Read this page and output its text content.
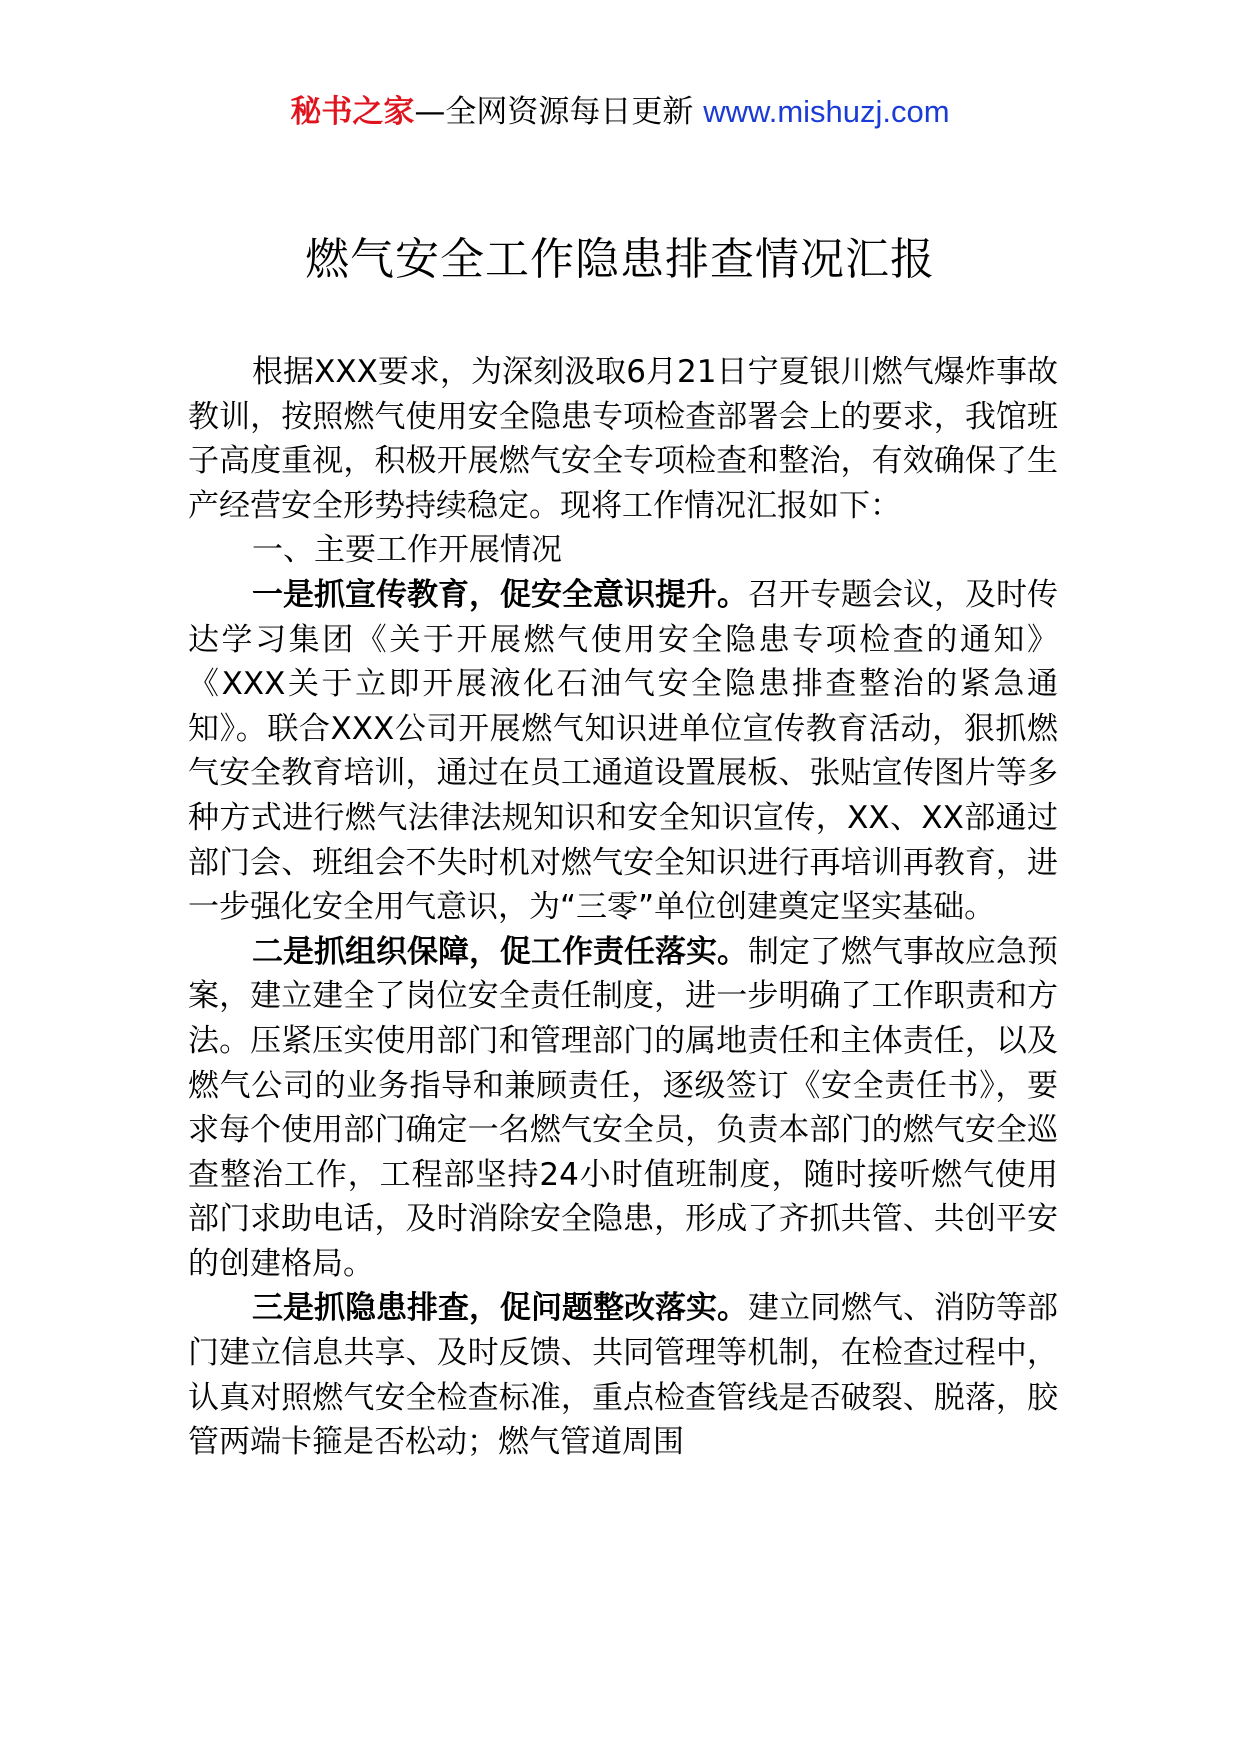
秘书之家—全网资源每日更新 www.mishuzj.com
燃气安全工作隐患排查情况汇报

根据XXX要求，为深刻汲取6月21日宁夏银川燃气爆炸事故教训，按照燃气使用安全隐患专项检查部署会上的要求，我馆班子高度重视，积极开展燃气安全专项检查和整治，有效确保了生产经营安全形势持续稳定。现将工作情况汇报如下：

一、主要工作开展情况

一是抓宣传教育，促安全意识提升。召开专题会议，及时传达学习集团《关于开展燃气使用安全隐患专项检查的通知》《XXX关于立即开展液化石油气安全隐患排查整治的紧急通知》。联合XXX公司开展燃气知识进单位宣传教育活动，狠抓燃气安全教育培训，通过在员工通道设置展板、张贴宣传图片等多种方式进行燃气法律法规知识和安全知识宣传，XX、XX部通过部门会、班组会不失时机对燃气安全知识进行再培训再教育，进一步强化安全用气意识，为“三零”单位创建奠定坚实基础。

二是抓组织保障，促工作责任落实。制定了燃气事故应急预案，建立建全了岗位安全责任制度，进一步明确了工作职责和方法。压紧压实使用部门和管理部门的属地责任和主体责任，以及燃气公司的业务指导和兼顾责任，逐级签订《安全责任书》，要求每个使用部门确定一名燃气安全员，负责本部门的燃气安全巡查整治工作，工程部坚持24小时值班制度，随时接听燃气使用部门求助电话，及时消除安全隐患，形成了齐抓共管、共创平安的创建格局。

三是抓隐患排查，促问题整改落实。建立同燃气、消防等部门建立信息共享、及时反馈、共同管理等机制，在检查过程中，认真对照燃气安全检查标准，重点检查管线是否破裂、脱落，胶管两端卡箍是否松动；燃气管道周围
